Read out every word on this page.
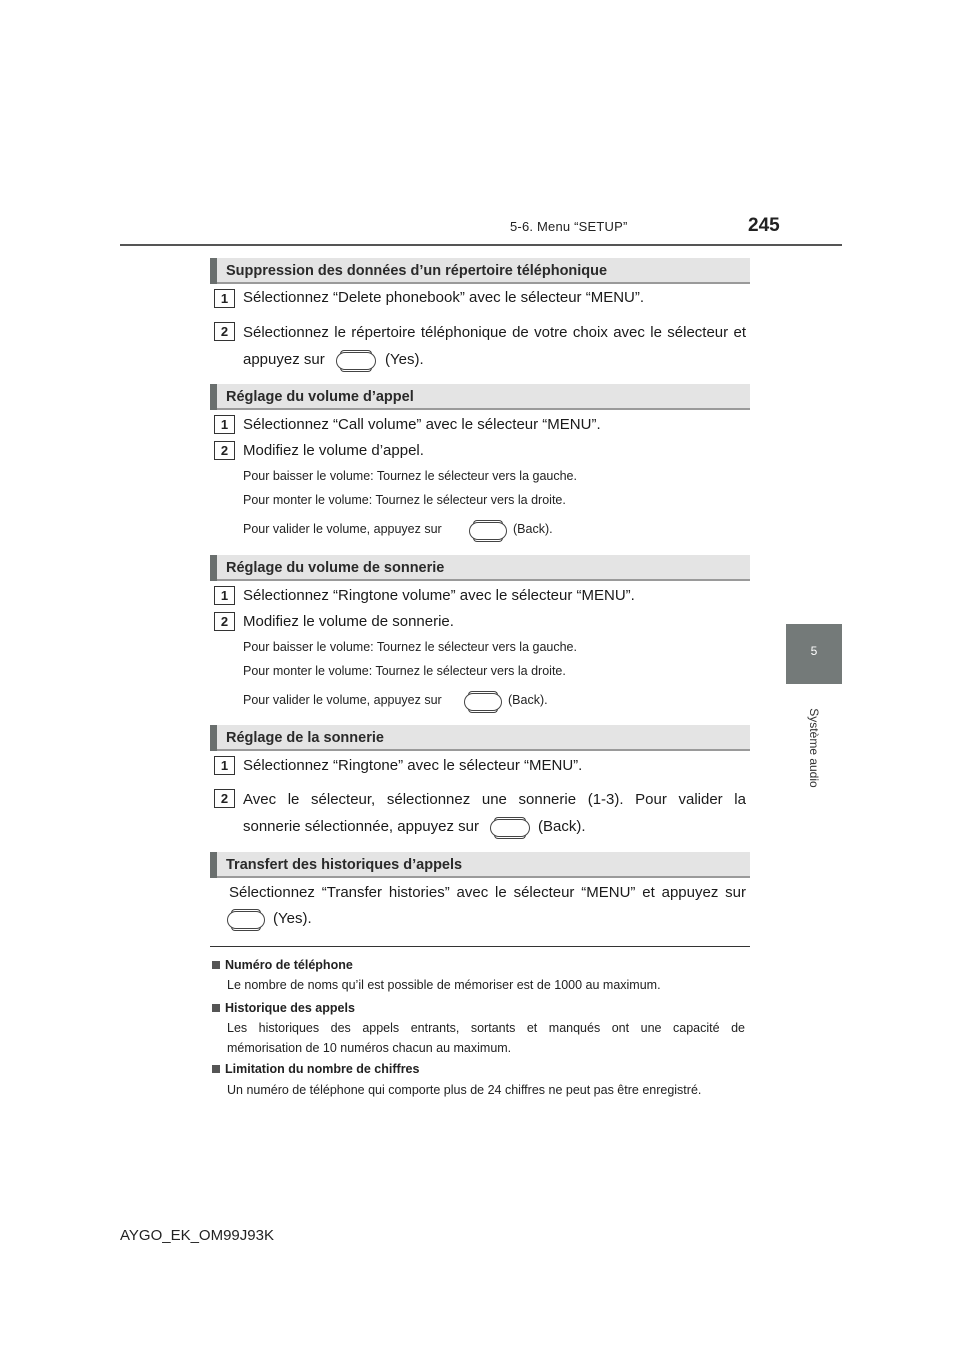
5-6. Menu “SETUP”	245
5
Système audio
Suppression des données d’un répertoire téléphonique
1 Sélectionnez “Delete phonebook” avec le sélecteur “MENU”.
2 Sélectionnez le répertoire téléphonique de votre choix avec le sélecteur et
appuyez sur	(Yes).
Réglage du volume d’appel
1 Sélectionnez “Call volume” avec le sélecteur “MENU”.
2 Modifiez le volume d’appel.
Pour baisser le volume: Tournez le sélecteur vers la gauche.
Pour monter le volume: Tournez le sélecteur vers la droite.
Pour valider le volume, appuyez sur	(Back).
Réglage du volume de sonnerie
1 Sélectionnez “Ringtone volume” avec le sélecteur “MENU”.
2 Modifiez le volume de sonnerie.
Pour baisser le volume: Tournez le sélecteur vers la gauche.
Pour monter le volume: Tournez le sélecteur vers la droite.
Pour valider le volume, appuyez sur	(Back).
Réglage de la sonnerie
1 Sélectionnez “Ringtone” avec le sélecteur “MENU”.
2 Avec le sélecteur, sélectionnez une sonnerie (1-3). Pour valider la
sonnerie sélectionnée, appuyez sur	(Back).
Transfert des historiques d’appels
Sélectionnez “Transfer histories” avec le sélecteur “MENU” et appuyez sur
(Yes).
Numéro de téléphone
Le nombre de noms qu’il est possible de mémoriser est de 1000 au maximum.
Historique des appels
Les historiques des appels entrants, sortants et manqués ont une capacité de
mémorisation de 10 numéros chacun au maximum.
Limitation du nombre de chiffres
Un numéro de téléphone qui comporte plus de 24 chiffres ne peut pas être enregistré.
AYGO_EK_OM99J93K
